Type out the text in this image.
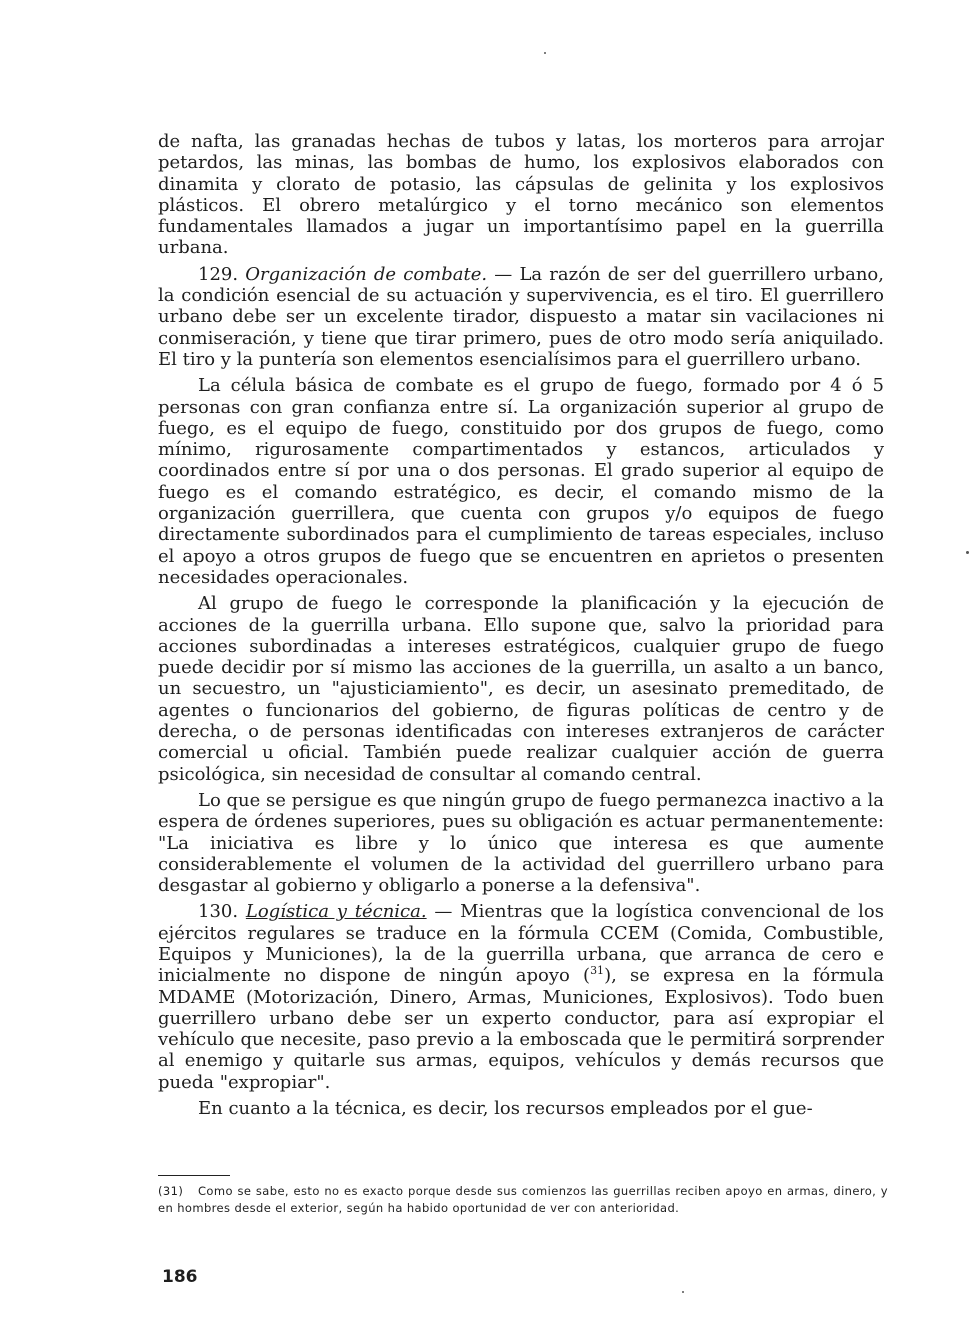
de nafta, las granadas hechas de tubos y latas, los morteros para arrojar petardos, las minas, las bombas de humo, los explosivos elaborados con dinamita y clorato de potasio, las cápsulas de gelinita y los explosivos plásticos. El obrero metalúrgico y el torno mecánico son elementos fundamentales llamados a jugar un importantísimo papel en la guerrilla urbana.

129. Organización de combate. — La razón de ser del guerrillero urbano, la condición esencial de su actuación y supervivencia, es el tiro. El guerrillero urbano debe ser un excelente tirador, dispuesto a matar sin vacilaciones ni conmiseración, y tiene que tirar primero, pues de otro modo sería aniquilado. El tiro y la puntería son elementos esencialísimos para el guerrillero urbano.

La célula básica de combate es el grupo de fuego, formado por 4 ó 5 personas con gran confianza entre sí. La organización superior al grupo de fuego, es el equipo de fuego, constituido por dos grupos de fuego, como mínimo, rigurosamente compartimentados y estancos, articulados y coordinados entre sí por una o dos personas. El grado superior al equipo de fuego es el comando estratégico, es decir, el comando mismo de la organización guerrillera, que cuenta con grupos y/o equipos de fuego directamente subordinados para el cumplimiento de tareas especiales, incluso el apoyo a otros grupos de fuego que se encuentren en aprietos o presenten necesidades operacionales.

Al grupo de fuego le corresponde la planificación y la ejecución de acciones de la guerrilla urbana. Ello supone que, salvo la prioridad para acciones subordinadas a intereses estratégicos, cualquier grupo de fuego puede decidir por sí mismo las acciones de la guerrilla, un asalto a un banco, un secuestro, un "ajusticiamiento", es decir, un asesinato premeditado, de agentes o funcionarios del gobierno, de figuras políticas de centro y de derecha, o de personas identificadas con intereses extranjeros de carácter comercial u oficial. También puede realizar cualquier acción de guerra psicológica, sin necesidad de consultar al comando central.

Lo que se persigue es que ningún grupo de fuego permanezca inactivo a la espera de órdenes superiores, pues su obligación es actuar permanentemente: "La iniciativa es libre y lo único que interesa es que aumente considerablemente el volumen de la actividad del guerrillero urbano para desgastar al gobierno y obligarlo a ponerse a la defensiva".

130. Logística y técnica. — Mientras que la logística convencional de los ejércitos regulares se traduce en la fórmula CCEM (Comida, Combustible, Equipos y Municiones), la de la guerrilla urbana, que arranca de cero e inicialmente no dispone de ningún apoyo ($^{31}$), se expresa en la fórmula MDAME (Motorización, Dinero, Armas, Municiones, Explosivos). Todo buen guerrillero urbano debe ser un experto conductor, para así expropiar el vehículo que necesite, paso previo a la emboscada que le permitirá sorprender al enemigo y quitarle sus armas, equipos, vehículos y demás recursos que pueda "expropiar".

En cuanto a la técnica, es decir, los recursos empleados por el gue-

(31) Como se sabe, esto no es exacto porque desde sus comienzos las guerrillas reciben apoyo en armas, dinero, y en hombres desde el exterior, según ha habido oportunidad de ver con anterioridad.
186
